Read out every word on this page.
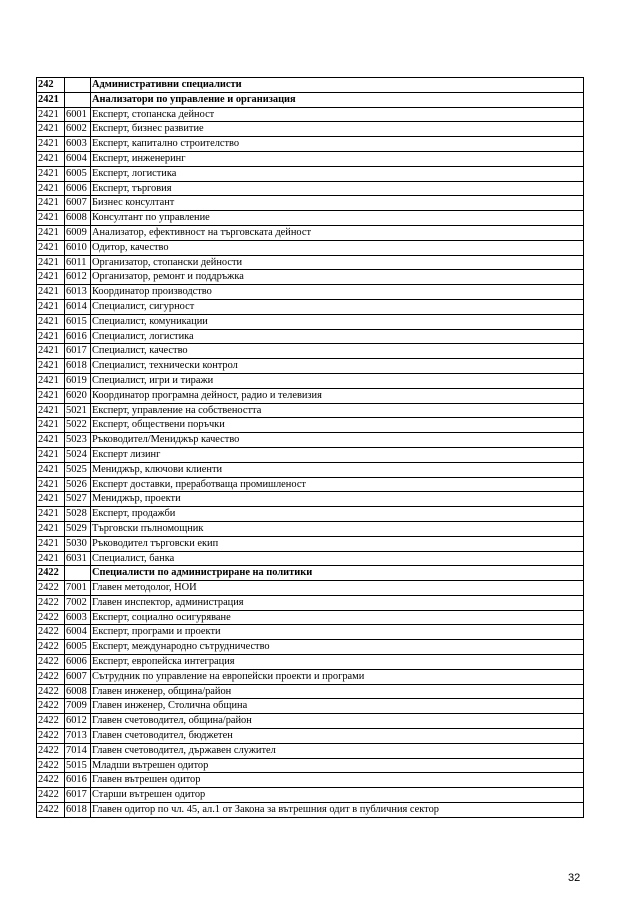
242		Административни специалисти
2421		Анализатори по управление и организация
2421	6001	Експерт, стопанска дейност
2421	6002	Експерт, бизнес развитие
2421	6003	Експерт, капитално строителство
2421	6004	Експерт, инженеринг
2421	6005	Експерт, логистика
2421	6006	Експерт, търговия
2421	6007	Бизнес консултант
2421	6008	Консултант по управление
2421	6009	Анализатор, ефективност на търговската дейност
2421	6010	Одитор, качество
2421	6011	Организатор, стопански дейности
2421	6012	Организатор, ремонт и поддръжка
2421	6013	Координатор производство
2421	6014	Специалист, сигурност
2421	6015	Специалист, комуникации
2421	6016	Специалист, логистика
2421	6017	Специалист, качество
2421	6018	Специалист, технически контрол
2421	6019	Специалист, игри и тиражи
2421	6020	Координатор програмна дейност, радио и телевизия
2421	5021	Експерт, управление на собствеността
2421	5022	Експерт, обществени поръчки
2421	5023	Ръководител/Мениджър качество
2421	5024	Експерт лизинг
2421	5025	Мениджър, ключови клиенти
2421	5026	Експерт доставки, преработваща промишленост
2421	5027	Мениджър, проекти
2421	5028	Експерт, продажби
2421	5029	Търговски пълномощник
2421	5030	Ръководител търговски екип
2421	6031	Специалист, банка
2422		Специалисти по администриране на политики
2422	7001	Главен методолог, НОИ
2422	7002	Главен инспектор, администрация
2422	6003	Експерт, социално осигуряване
2422	6004	Експерт, програми и проекти
2422	6005	Експерт, международно сътрудничество
2422	6006	Експерт, европейска интеграция
2422	6007	Сътрудник по управление на европейски проекти и програми
2422	6008	Главен инженер, община/район
2422	7009	Главен инженер, Столична община
2422	6012	Главен счетоводител, община/район
2422	7013	Главен счетоводител, бюджетен
2422	7014	Главен счетоводител, държавен служител
2422	5015	Младши вътрешен одитор
2422	6016	Главен вътрешен одитор
2422	6017	Старши вътрешен одитор
2422	6018	Главен одитор по чл. 45, ал.1 от Закона за вътрешния одит в публичния сектор
32
